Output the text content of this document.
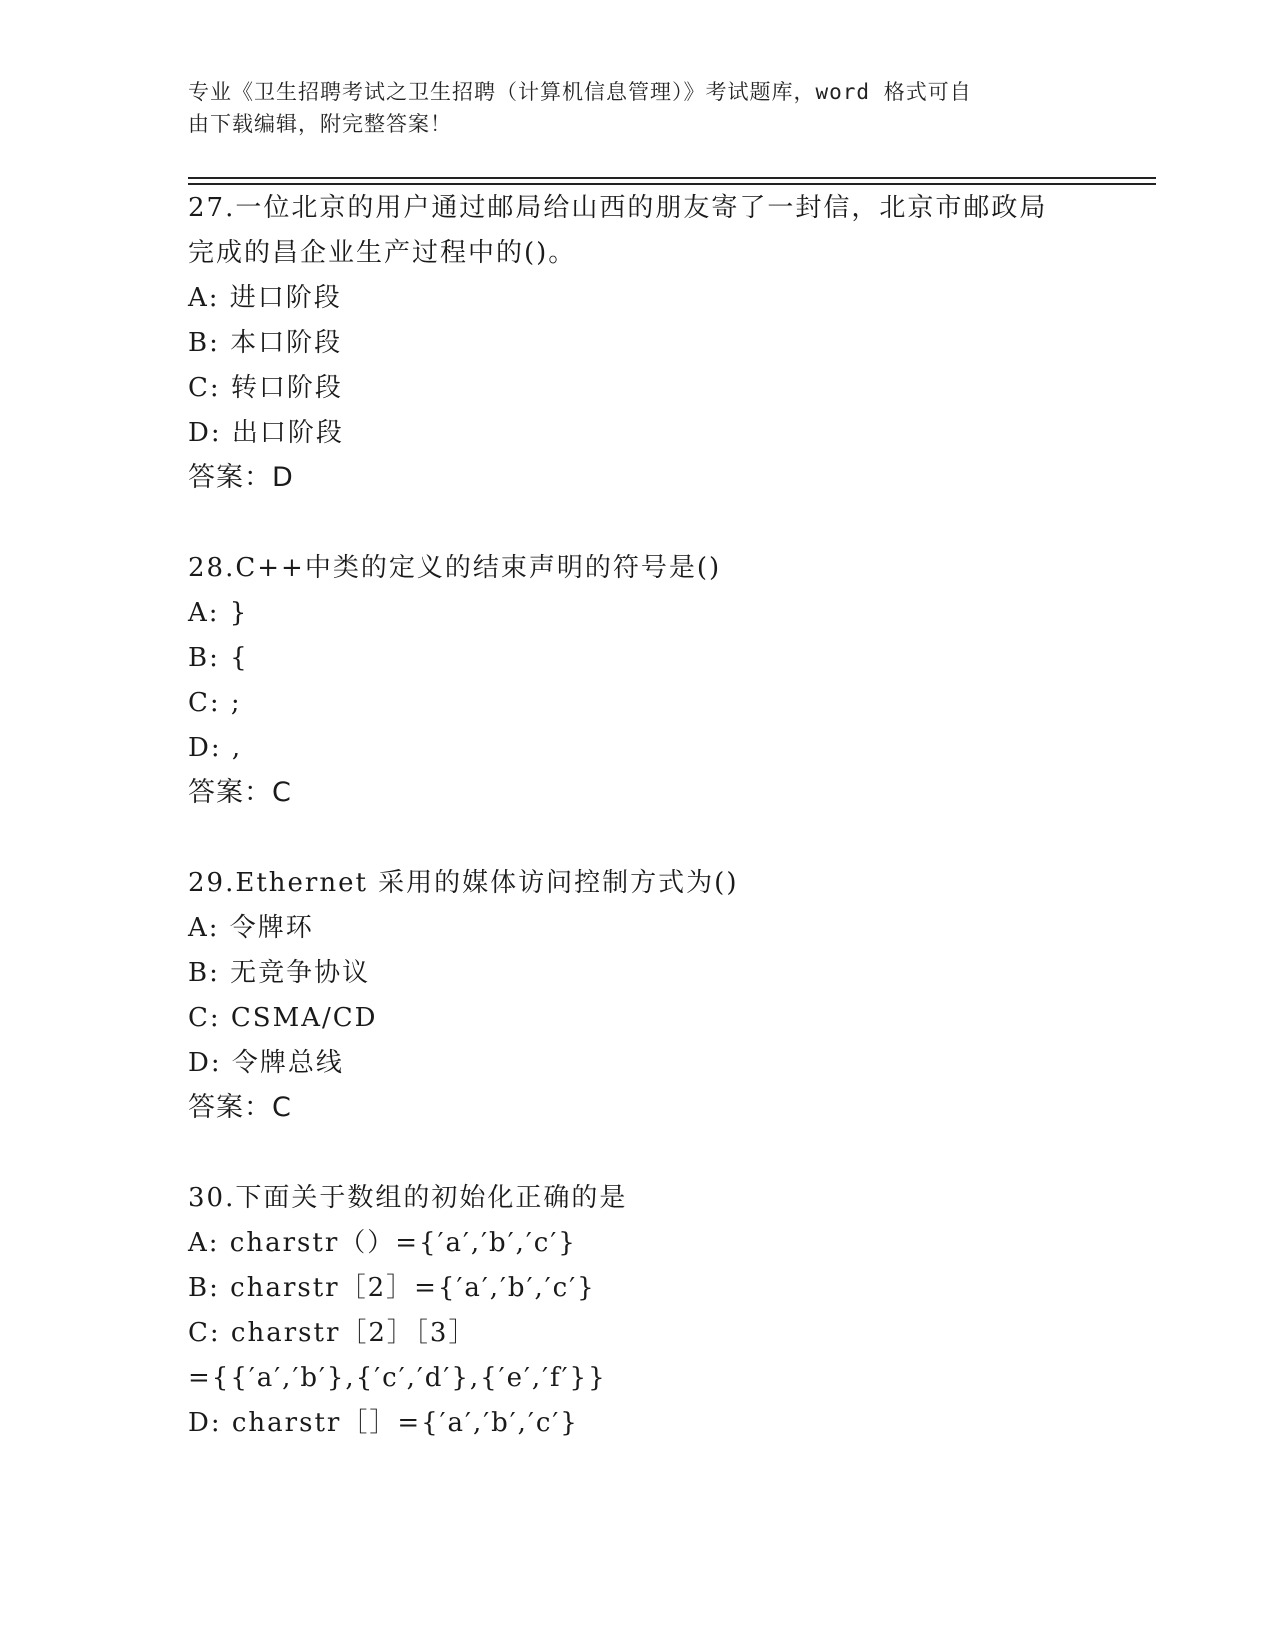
专业《卫生招聘考试之卫生招聘（计算机信息管理）》考试题库，word 格式可自
由下载编辑，附完整答案！
27.一位北京的用户通过邮局给山西的朋友寄了一封信，北京市邮政局
完成的昌企业生产过程中的()。
A: 进口阶段
B: 本口阶段
C: 转口阶段
D: 出口阶段
答案：D
28.C++中类的定义的结束声明的符号是()
A: }
B: {
C: ;
D: ,
答案：C
29.Ethernet 采用的媒体访问控制方式为()
A: 令牌环
B: 无竞争协议
C: CSMA/CD
D: 令牌总线
答案：C
30.下面关于数组的初始化正确的是
A: charstr（）={′a′,′b′,′c′}
B: charstr［2］={′a′,′b′,′c′}
C: charstr［2］［3］
={{′a′,′b′},{′c′,′d′},{′e′,′f′}}
D: charstr［］={′a′,′b′,′c′}
